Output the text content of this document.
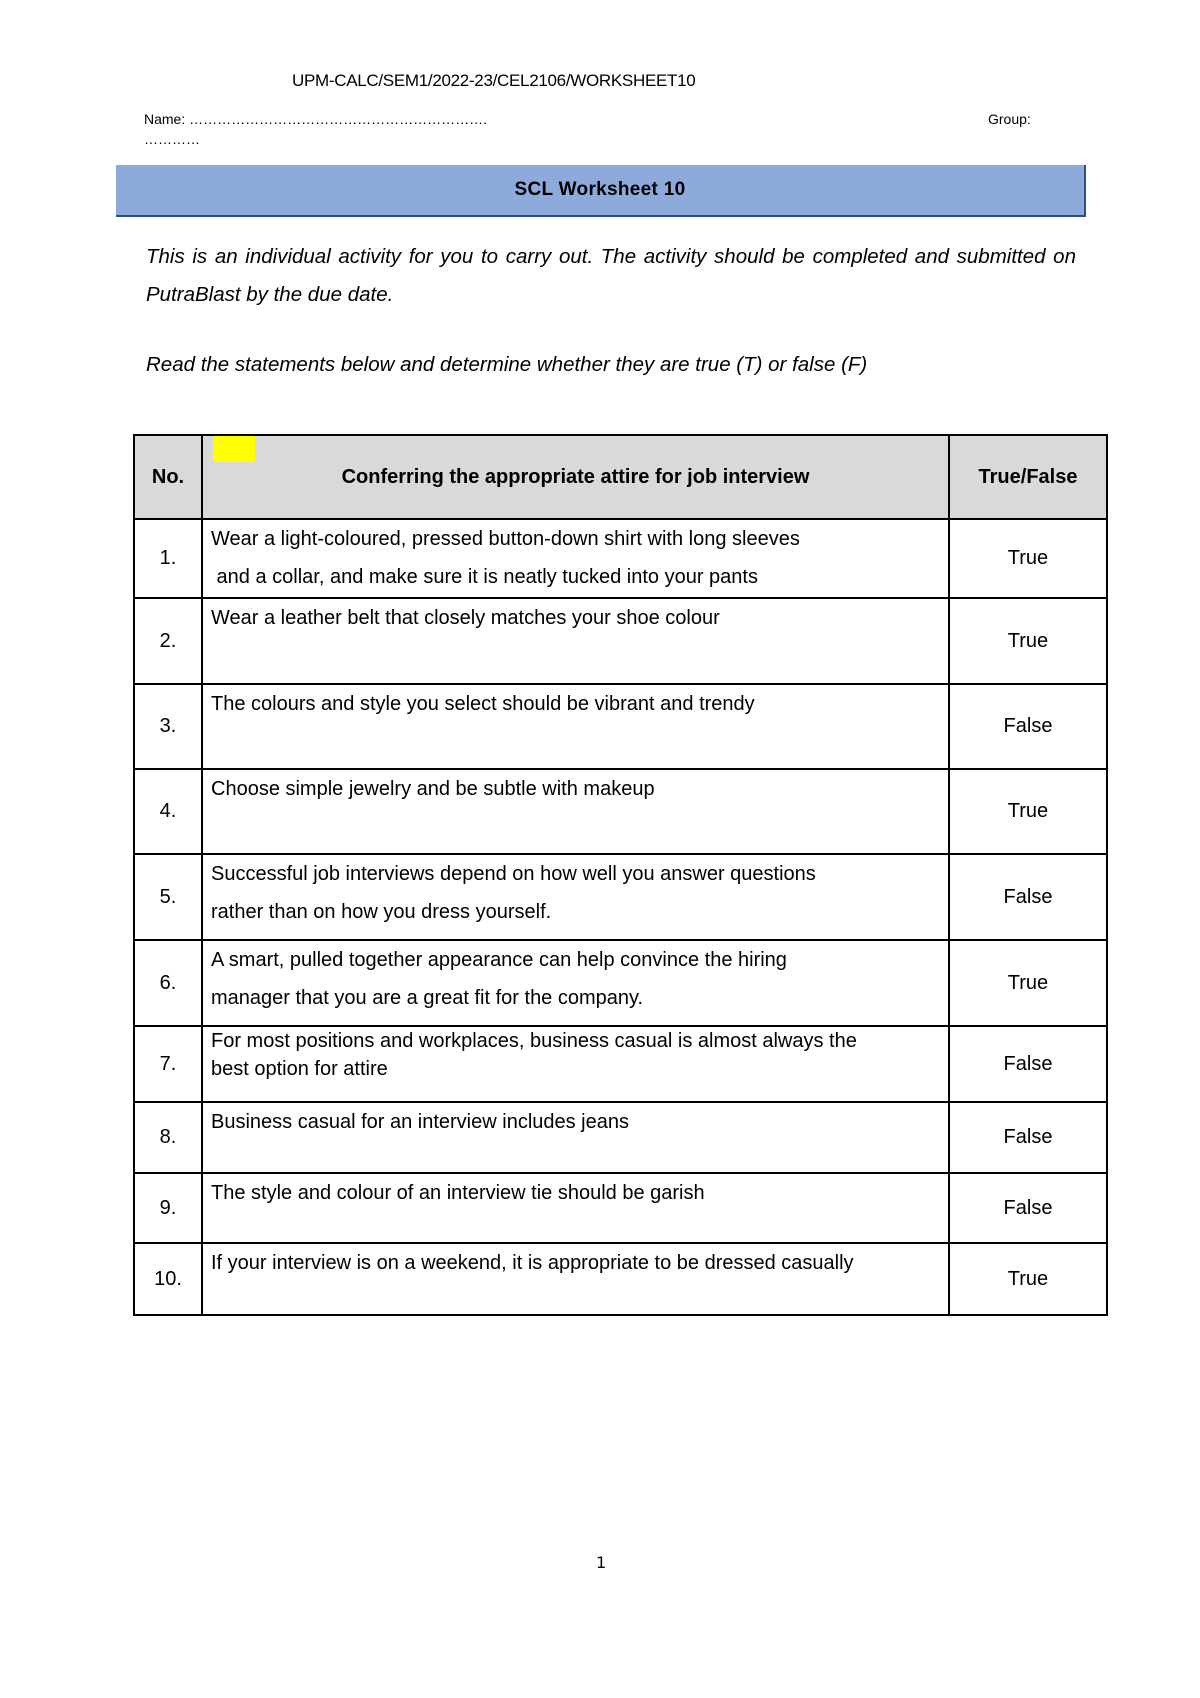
UPM-CALC/SEM1/2022-23/CEL2106/WORKSHEET10
Name: ……………………………………………………….	Group:
…………
SCL Worksheet 10
This is an individual activity for you to carry out. The activity should be completed and submitted on PutraBlast by the due date.
Read the statements below and determine whether they are true (T) or false (F)
No.	Conferring the appropriate attire for job interview	True/False
1.	Wear a light-coloured, pressed button-down shirt with long sleeves
and a collar, and make sure it is neatly tucked into your pants	True
2.	Wear a leather belt that closely matches your shoe colour	True
3.	The colours and style you select should be vibrant and trendy	False
4.	Choose simple jewelry and be subtle with makeup	True
5.	Successful job interviews depend on how well you answer questions
rather than on how you dress yourself.	False
6.	A smart, pulled together appearance can help convince the hiring
manager that you are a great fit for the company.	True
7.	For most positions and workplaces, business casual is almost always the
best option for attire	False
8.	Business casual for an interview includes jeans	False
9.	The style and colour of an interview tie should be garish	False
10.	If your interview is on a weekend, it is appropriate to be dressed casually	True
1
